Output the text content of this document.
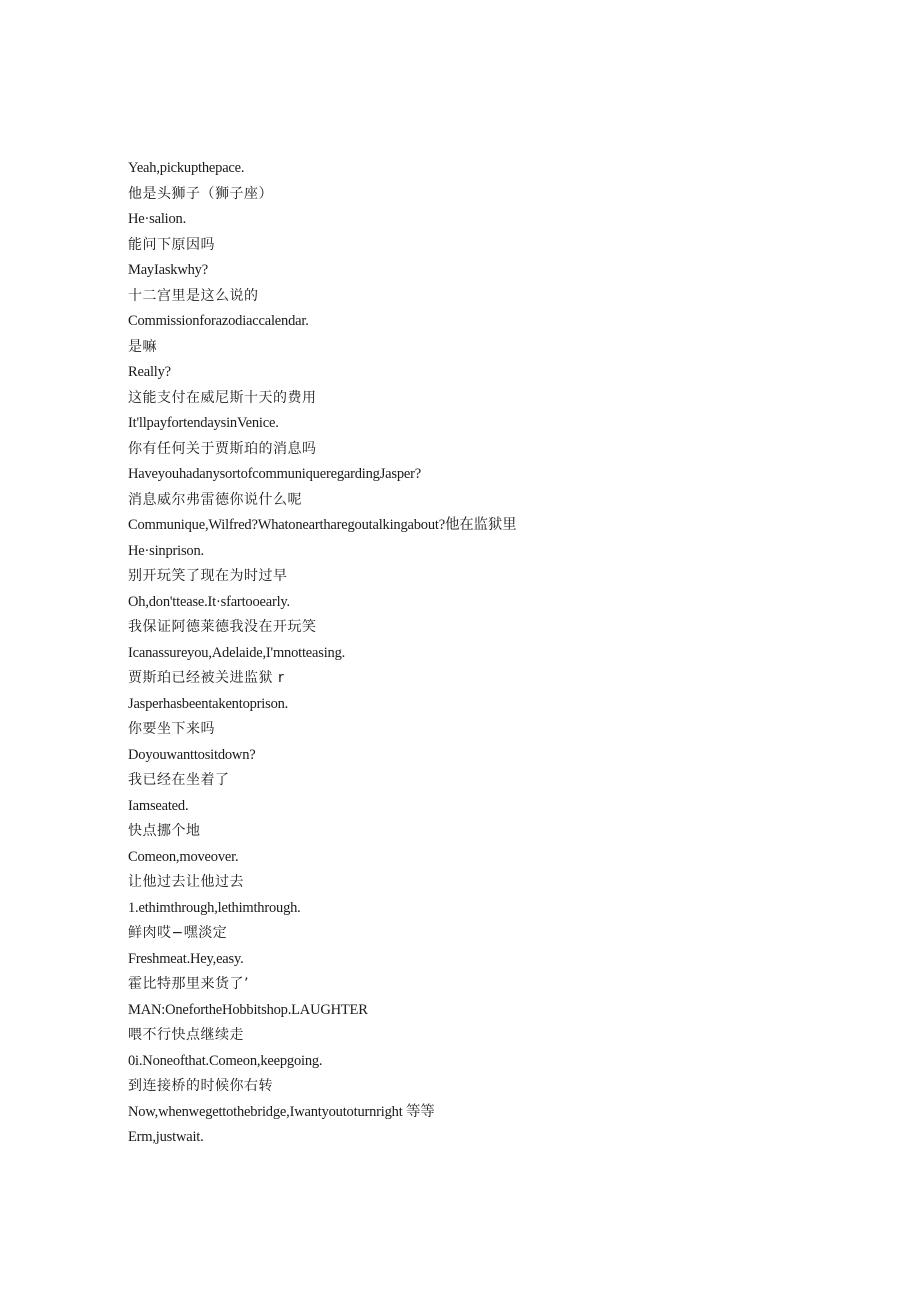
Yeah,pickupthepace.
他是头狮子（狮子座）
He·salion.
能问下原因吗
MayIaskwhy?
十二宫里是这么说的
Commissionforazodiaccalendar.
是嘛
Really?
这能支付在威尼斯十天的费用
It'llpayfortendaysinVenice.
你有任何关于贾斯珀的消息吗
HaveyouhadanysortofcommuniqueregardingJasper?
消息威尔弗雷德你说什么呢
Communique,Wilfred?Whatoneartharegoutalkingabout?他在监狱里
He·sinprison.
别开玩笑了现在为时过早
Oh,don'ttease.It·sfartooearly.
我保证阿德莱德我没在开玩笑
Icanassureyou,Adelaide,I'mnotteasing.
贾斯珀已经被关进监狱 r
Jasperhasbeentakentoprison.
你要坐下来吗
Doyouwanttositdown?
我已经在坐着了
Iamseated.
快点挪个地
Comeon,moveover.
让他过去让他过去
1.ethimthrough,lethimthrough.
鲜肉哎−嘿淡定
Freshmeat.Hey,easy.
霍比特那里来货了’
MAN:OnefortheHobbitshop.LAUGHTER
喂不行快点继续走
0i.Noneofthat.Comeon,keepgoing.
到连接桥的时候你右转
Now,whenwegettothebridge,Iwantyoutoturnright 等等
Erm,justwait.
